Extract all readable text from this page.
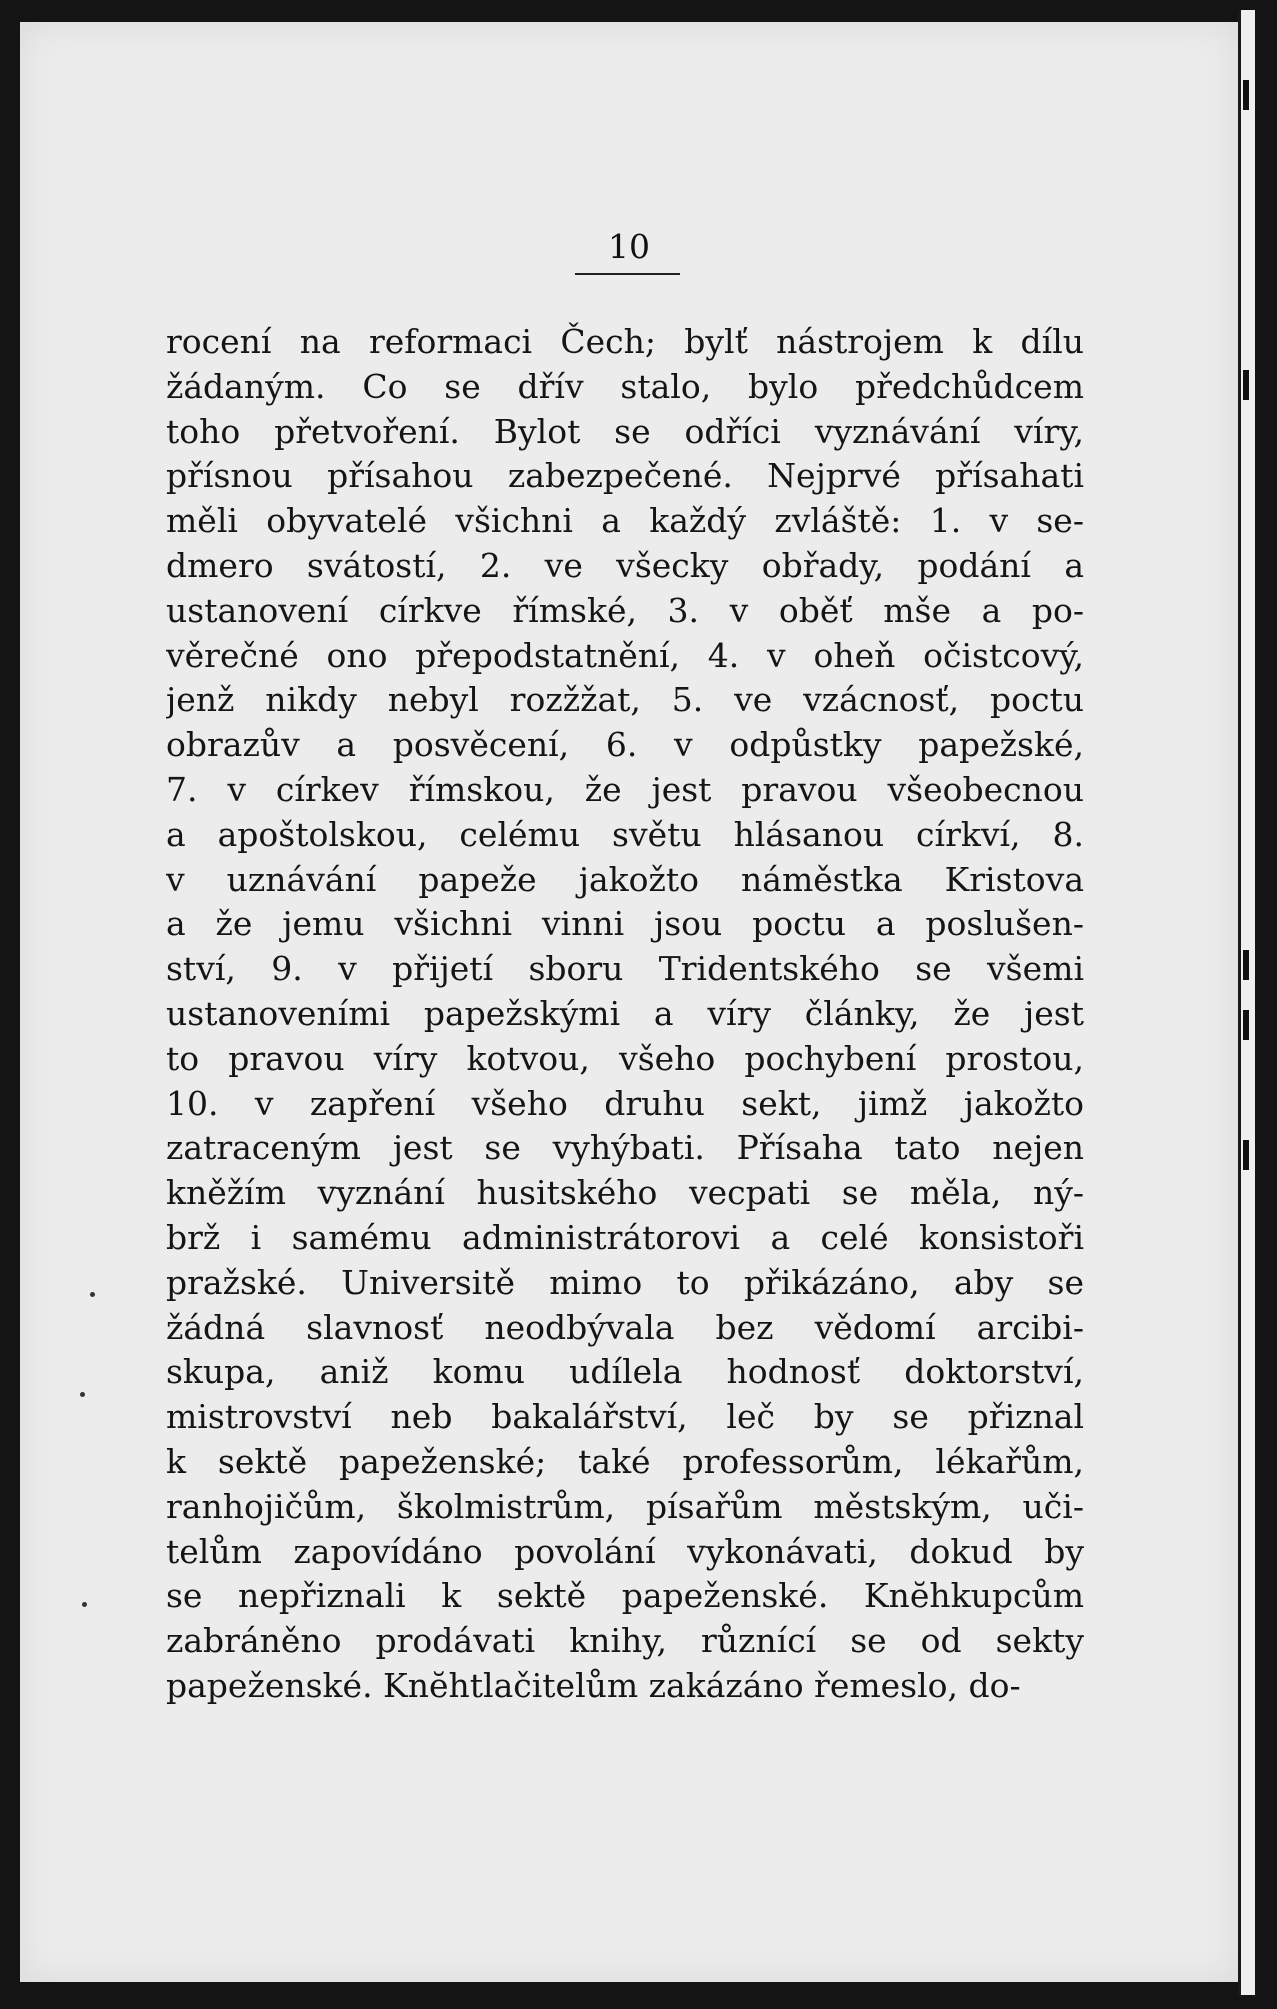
10
rocení na reformaci Čech; bylť nástrojem k dílu
žádaným. Co se dřív stalo, bylo předchůdcem
toho přetvoření. Bylot se odříci vyznávání víry,
přísnou přísahou zabezpečené. Nejprvé přísahati
měli obyvatelé všichni a každý zvláště: 1. v se-
dmero svátostí, 2. ve všecky obřady, podání a
ustanovení církve římské, 3. v oběť mše a po-
věrečné ono přepodstatnění, 4. v oheň očistcový,
jenž nikdy nebyl rozžžat, 5. ve vzácnosť, poctu
obrazův a posvěcení, 6. v odpůstky papežské,
7. v církev římskou, že jest pravou všeobecnou
a apoštolskou, celému světu hlásanou církví, 8.
v uznávání papeže jakožto náměstka Kristova
a že jemu všichni vinni jsou poctu a poslušen-
ství, 9. v přijetí sboru Tridentského se všemi
ustanoveními papežskými a víry články, že jest
to pravou víry kotvou, všeho pochybení prostou,
10. v zapření všeho druhu sekt, jimž jakožto
zatraceným jest se vyhýbati. Přísaha tato nejen
kněžím vyznání husitského vecpati se měla, ný-
brž i samému administrátorovi a celé konsistoři
pražské. Universitě mimo to přikázáno, aby se
žádná slavnosť neodbývala bez vědomí arcibi-
skupa, aniž komu udílela hodnosť doktorství,
mistrovství neb bakalářství, leč by se přiznal
k sektě papeženské; také professorům, lékařům,
ranhojičům, školmistrům, písařům městským, uči-
telům zapovídáno povolání vykonávati, dokud by
se nepřiznali k sektě papeženské. Knĕhkupcům
zabráněno prodávati knihy, různící se od sekty
papeženské. Knĕhtlačitelům zakázáno řemeslo, do-
